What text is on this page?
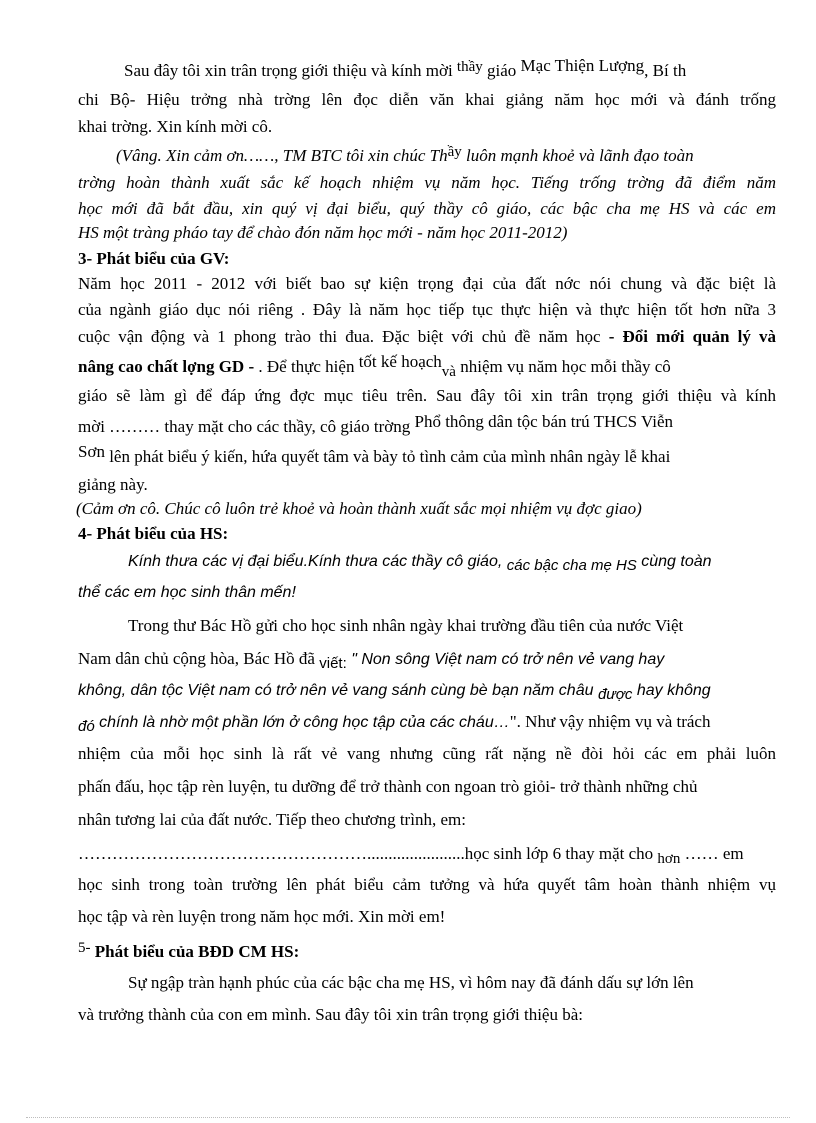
Sau đây tôi xin trân trọng giới thiệu và kính mời thầy giáo Mạc Thiện Lượng, Bí th
chi Bộ- Hiệu trởng nhà trờng lên đọc diễn văn khai giảng năm học mới và đánh trống
khai trờng. Xin kính mời cô.
(Vâng. Xin cảm ơn……, TM BTC tôi xin chúc Thầy luôn mạnh khoẻ và lãnh đạo toàn
trờng hoàn thành xuất sắc kế hoạch nhiệm vụ năm học. Tiếng trống trờng đã điểm năm
học mới đã bắt đầu, xin quý vị đại biểu, quý thầy cô giáo, các bậc cha mẹ HS và các em
HS một tràng pháo tay để chào đón năm học mới - năm học 2011-2012)
3- Phát biểu của GV:
Năm học 2011 - 2012 với biết bao sự kiện trọng đại của đất nớc nói chung và đặc biệt là
của ngành giáo dục nói riêng . Đây là năm học tiếp tục thực hiện và thực hiện tốt hơn nữa 3
cuộc vận động và 1 phong trào thi đua. Đặc biệt với chủ đề năm học - Đổi mới quản lý và
nâng cao chất lợng GD - . Để thực hiện tốt kế hoạchvà nhiệm vụ năm học mỗi thầy cô
giáo sẽ làm gì để đáp ứng đợc mục tiêu trên. Sau đây tôi xin trân trọng giới thiệu và kính
mời ……… thay mặt cho các thầy, cô giáo trờng Phổ thông dân tộc bán trú THCS Viễn
Sơn lên phát biểu ý kiến, hứa quyết tâm và bày tỏ tình cảm của mình nhân ngày lễ khai
giảng này.
(Cảm ơn cô. Chúc cô luôn trẻ khoẻ và hoàn thành xuất sắc mọi nhiệm vụ đợc giao)
4- Phát biểu của HS:
Kính thưa các vị đại biểu.Kính thưa các thầy cô giáo, các bậc cha mẹ HS cùng toàn
thể các em học sinh thân mến!
Trong thư Bác Hồ gửi cho học sinh nhân ngày khai trường đầu tiên của nước Việt
Nam dân chủ cộng hòa, Bác Hồ đã viết: " Non sông Việt nam có trở nên vẻ vang hay
không, dân tộc Việt nam có trở nên vẻ vang sánh cùng bè bạn năm châu được hay không
đó chính là nhờ một phần lớn ở công học tập của các cháu…". Như vậy nhiệm vụ và trách
nhiệm của mỗi học sinh là rất vẻ vang nhưng cũng rất nặng nề đòi hỏi các em phải luôn
phấn đấu, học tập rèn luyện, tu dưỡng để trở thành con ngoan trò giỏi- trở thành những chủ
nhân tương lai của đất nước. Tiếp theo chương trình, em:
…………………………………………….......................học sinh lớp 6 thay mặt cho hơn …… em
học sinh trong toàn trường lên phát biểu cảm tưởng và hứa quyết tâm hoàn thành nhiệm vụ
học tập và rèn luyện trong năm học mới. Xin mời em!
5- Phát biểu của BĐD CM HS:
Sự ngập tràn hạnh phúc của các bậc cha mẹ HS, vì hôm nay đã đánh dấu sự lớn lên
và trưởng thành của con em mình. Sau đây tôi xin trân trọng giới thiệu bà:
